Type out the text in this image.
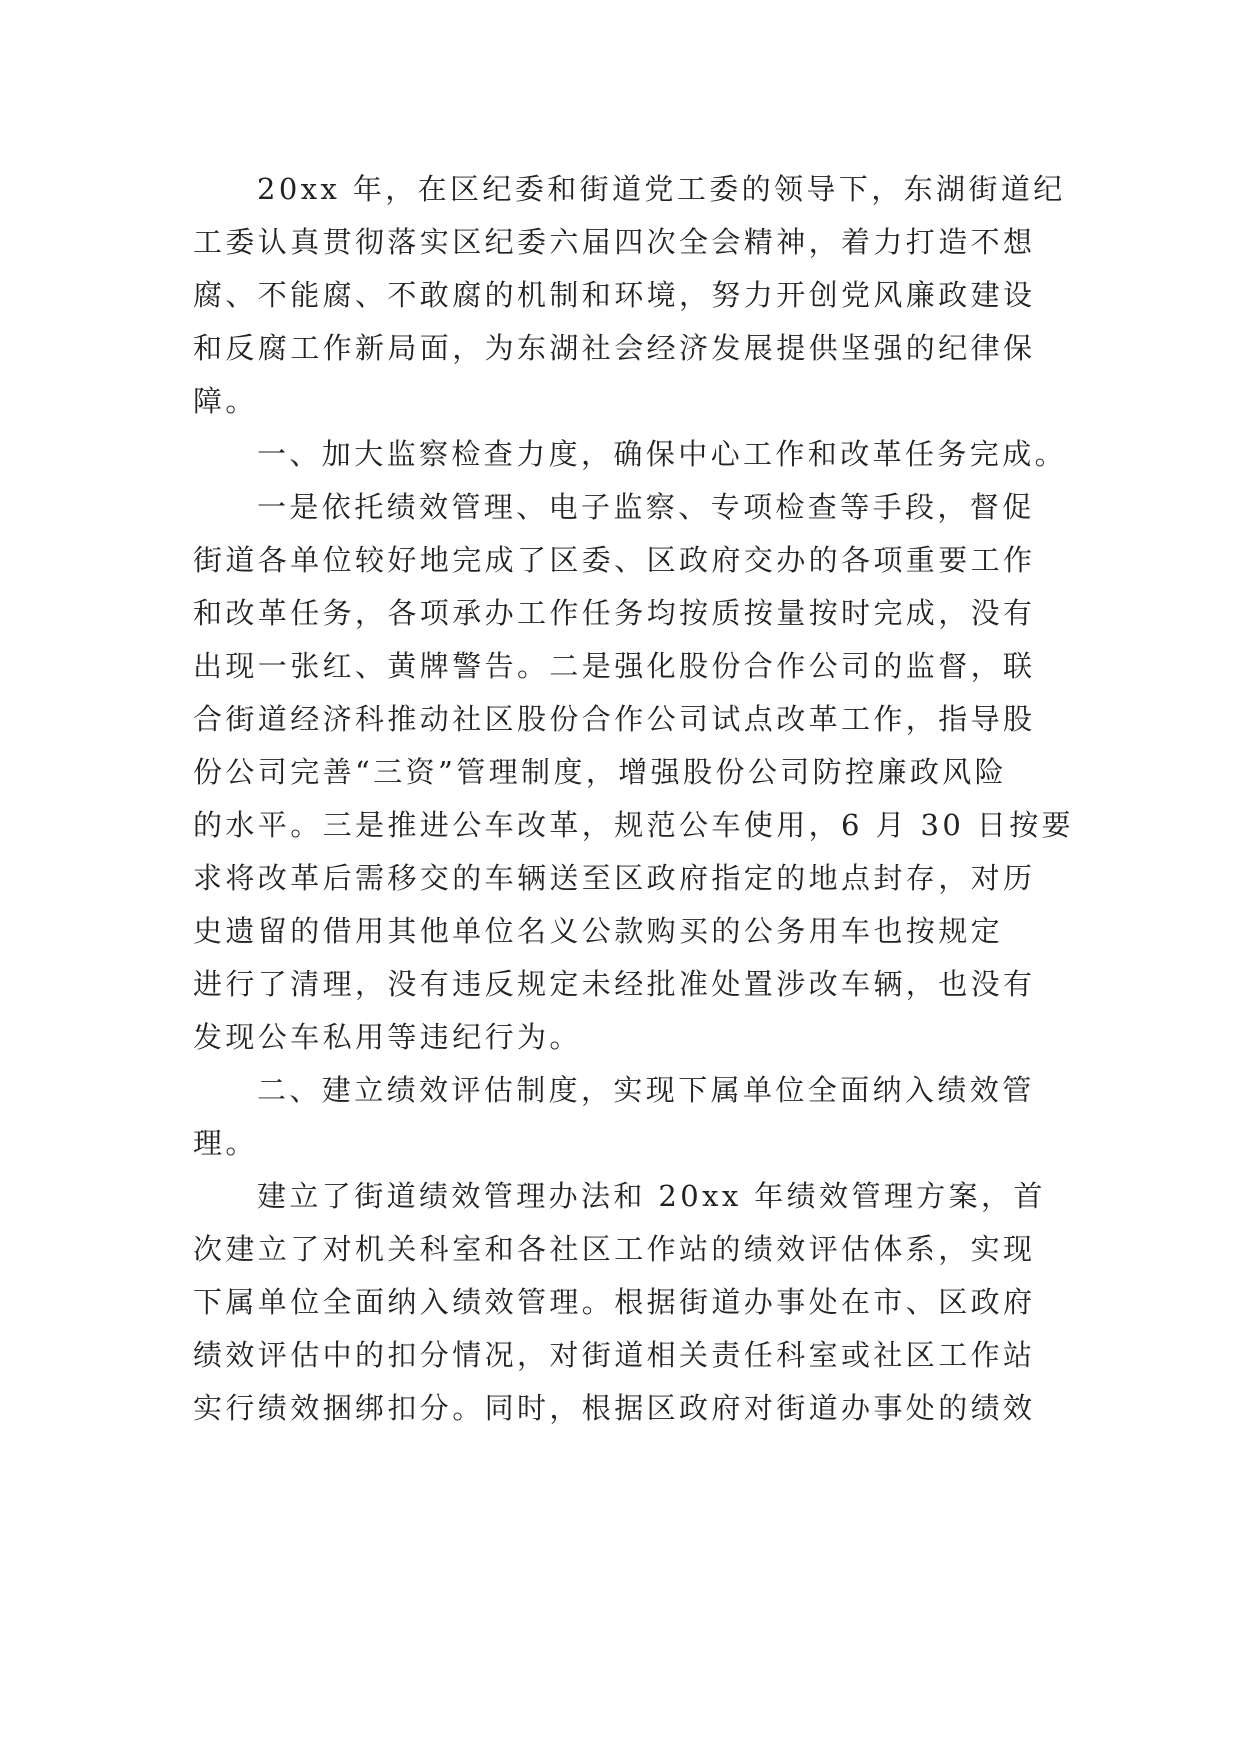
20xx 年，在区纪委和街道党工委的领导下，东湖街道纪
工委认真贯彻落实区纪委六届四次全会精神，着力打造不想
腐、不能腐、不敢腐的机制和环境，努力开创党风廉政建设
和反腐工作新局面，为东湖社会经济发展提供坚强的纪律保
障。
一、加大监察检查力度，确保中心工作和改革任务完成。
一是依托绩效管理、电子监察、专项检查等手段，督促
街道各单位较好地完成了区委、区政府交办的各项重要工作
和改革任务，各项承办工作任务均按质按量按时完成，没有
出现一张红、黄牌警告。二是强化股份合作公司的监督，联
合街道经济科推动社区股份合作公司试点改革工作，指导股
份公司完善“三资”管理制度，增强股份公司防控廉政风险
的水平。三是推进公车改革，规范公车使用，6 月 30 日按要
求将改革后需移交的车辆送至区政府指定的地点封存，对历
史遗留的借用其他单位名义公款购买的公务用车也按规定
进行了清理，没有违反规定未经批准处置涉改车辆，也没有
发现公车私用等违纪行为。
二、建立绩效评估制度，实现下属单位全面纳入绩效管
理。
建立了街道绩效管理办法和 20xx 年绩效管理方案，首
次建立了对机关科室和各社区工作站的绩效评估体系，实现
下属单位全面纳入绩效管理。根据街道办事处在市、区政府
绩效评估中的扣分情况，对街道相关责任科室或社区工作站
实行绩效捆绑扣分。同时，根据区政府对街道办事处的绩效
